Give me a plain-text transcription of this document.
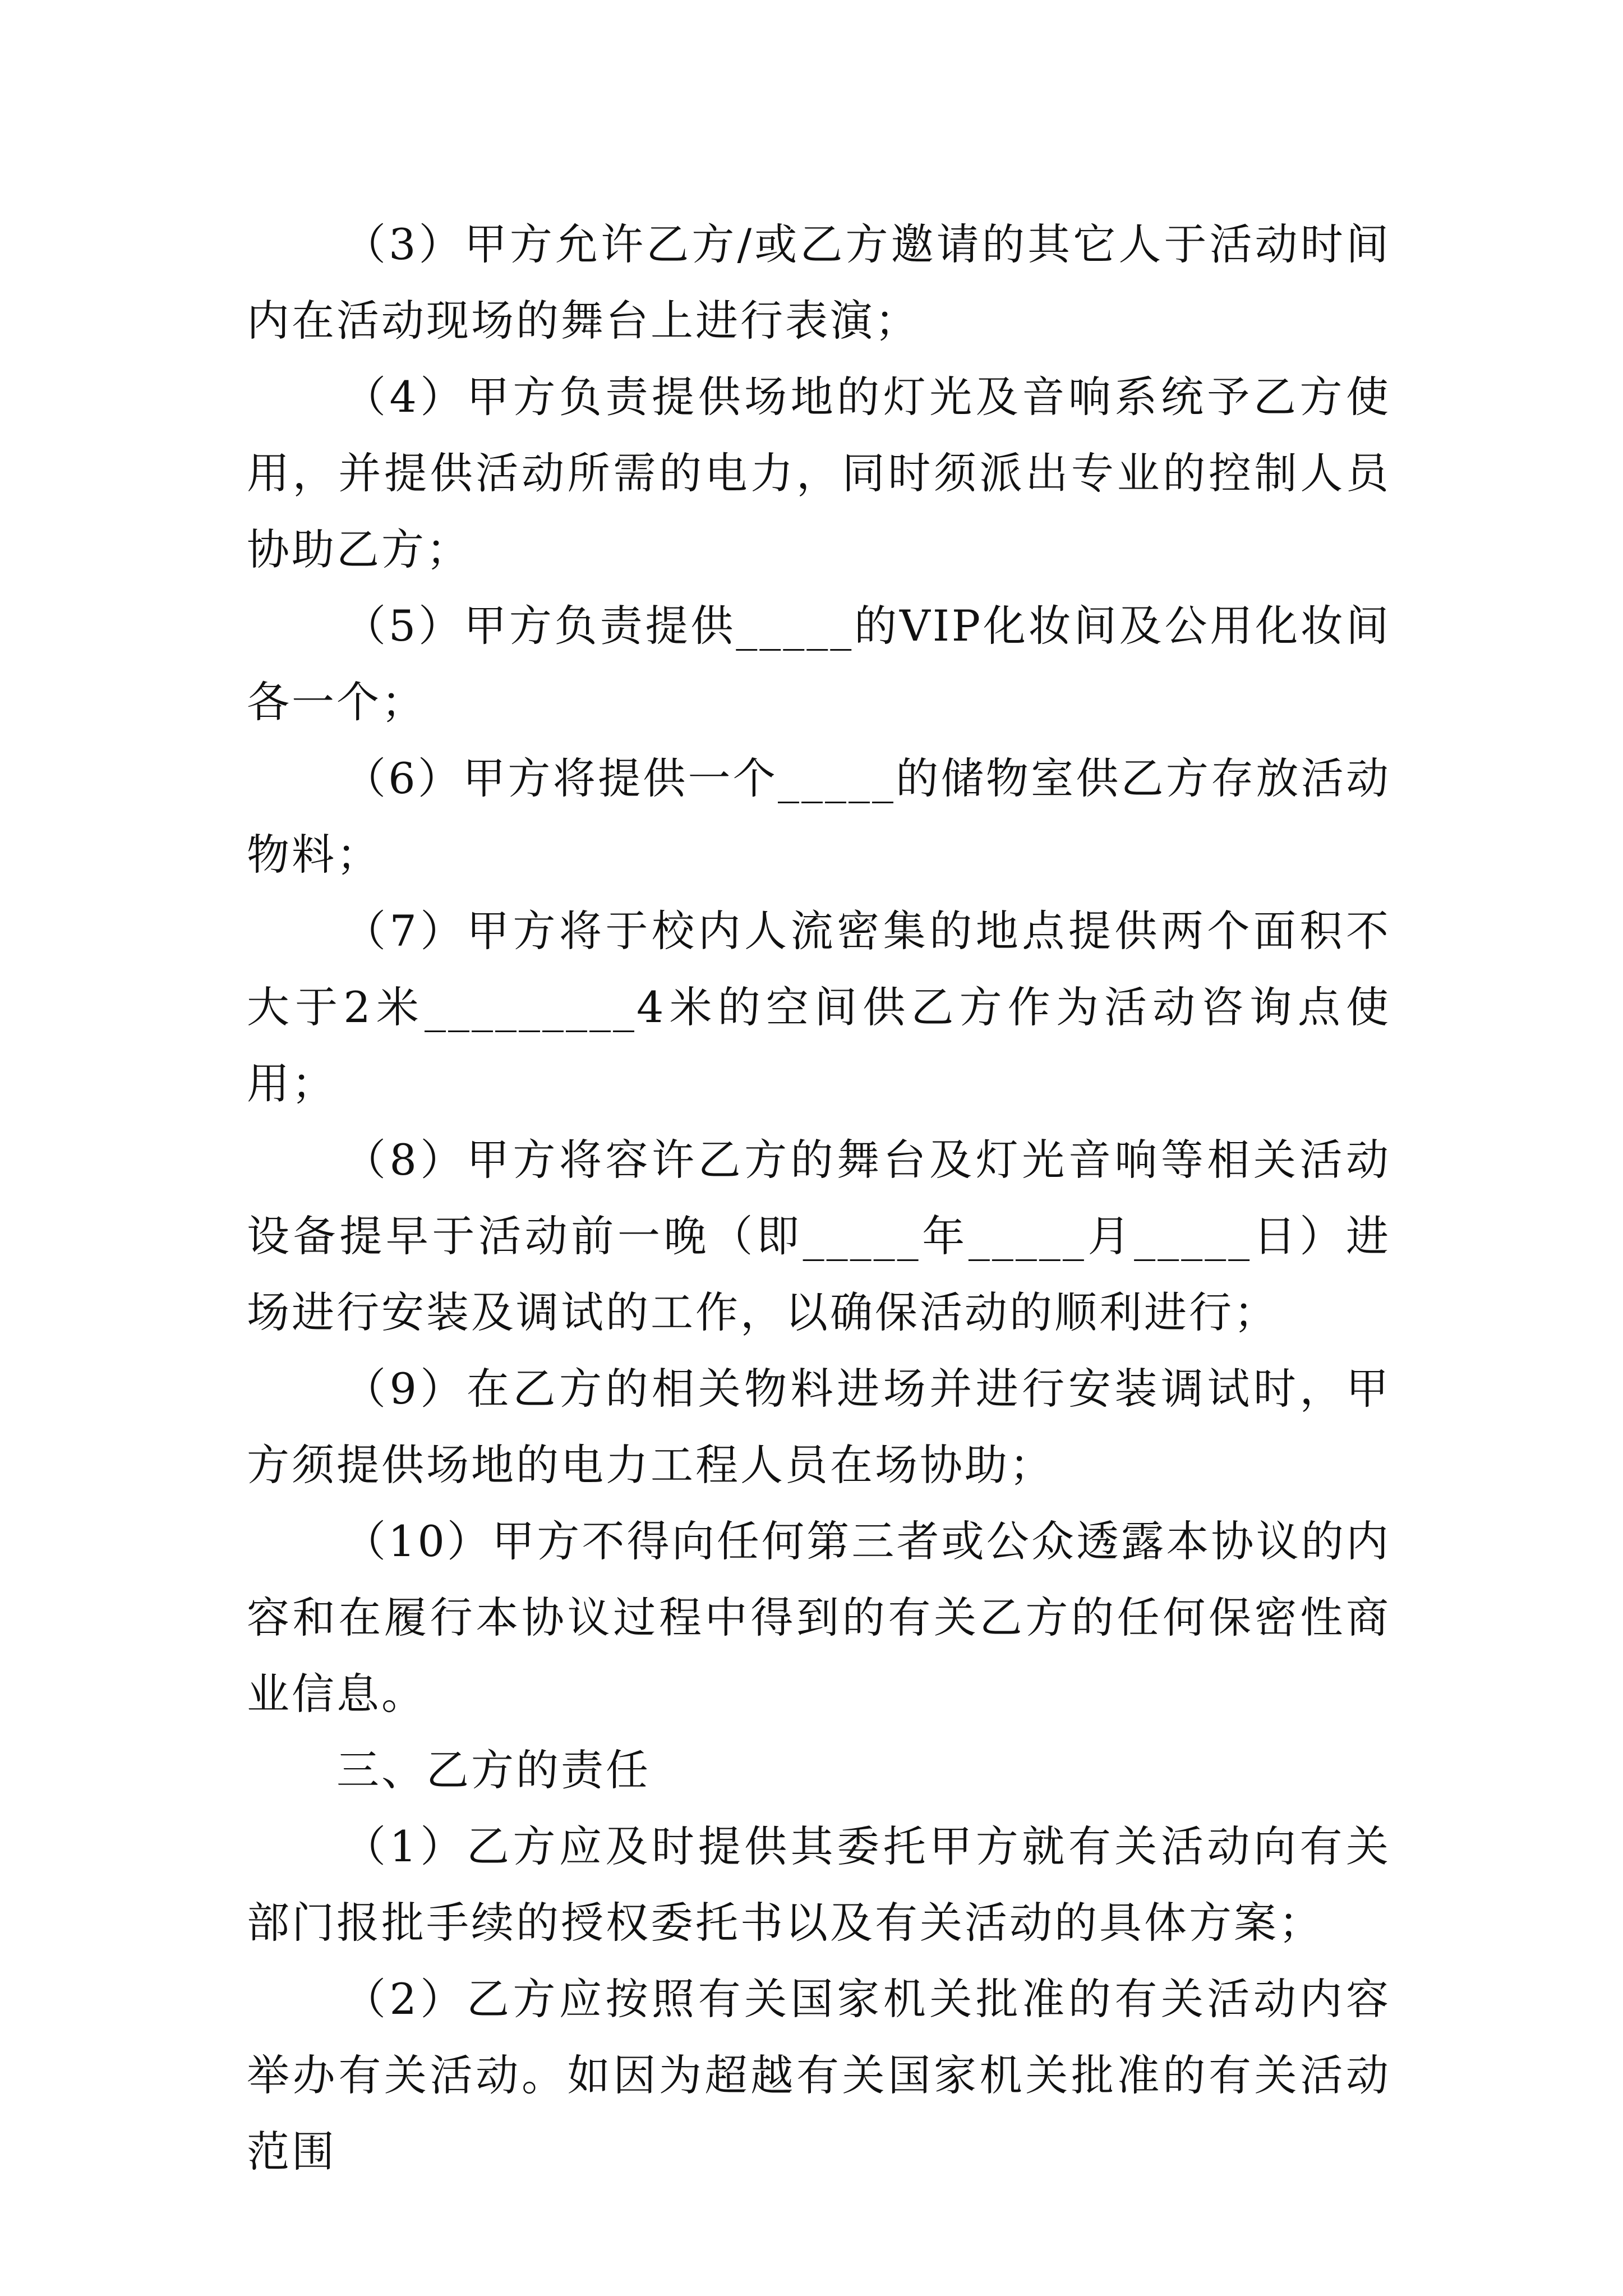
（3）甲方允许乙方/或乙方邀请的其它人于活动时间内在活动现场的舞台上进行表演；

（4）甲方负责提供场地的灯光及音响系统予乙方使用，并提供活动所需的电力，同时须派出专业的控制人员协助乙方；

（5）甲方负责提供_____的VIP化妆间及公用化妆间各一个；

（6）甲方将提供一个_____的储物室供乙方存放活动物料；

（7）甲方将于校内人流密集的地点提供两个面积不大于2米_________4米的空间供乙方作为活动咨询点使用；

（8）甲方将容许乙方的舞台及灯光音响等相关活动设备提早于活动前一晚（即_____年_____月_____日）进场进行安装及调试的工作，以确保活动的顺利进行；

（9）在乙方的相关物料进场并进行安装调试时，甲方须提供场地的电力工程人员在场协助；

（10）甲方不得向任何第三者或公众透露本协议的内容和在履行本协议过程中得到的有关乙方的任何保密性商业信息。

三、乙方的责任

（1）乙方应及时提供其委托甲方就有关活动向有关部门报批手续的授权委托书以及有关活动的具体方案；

（2）乙方应按照有关国家机关批准的有关活动内容举办有关活动。如因为超越有关国家机关批准的有关活动范围
